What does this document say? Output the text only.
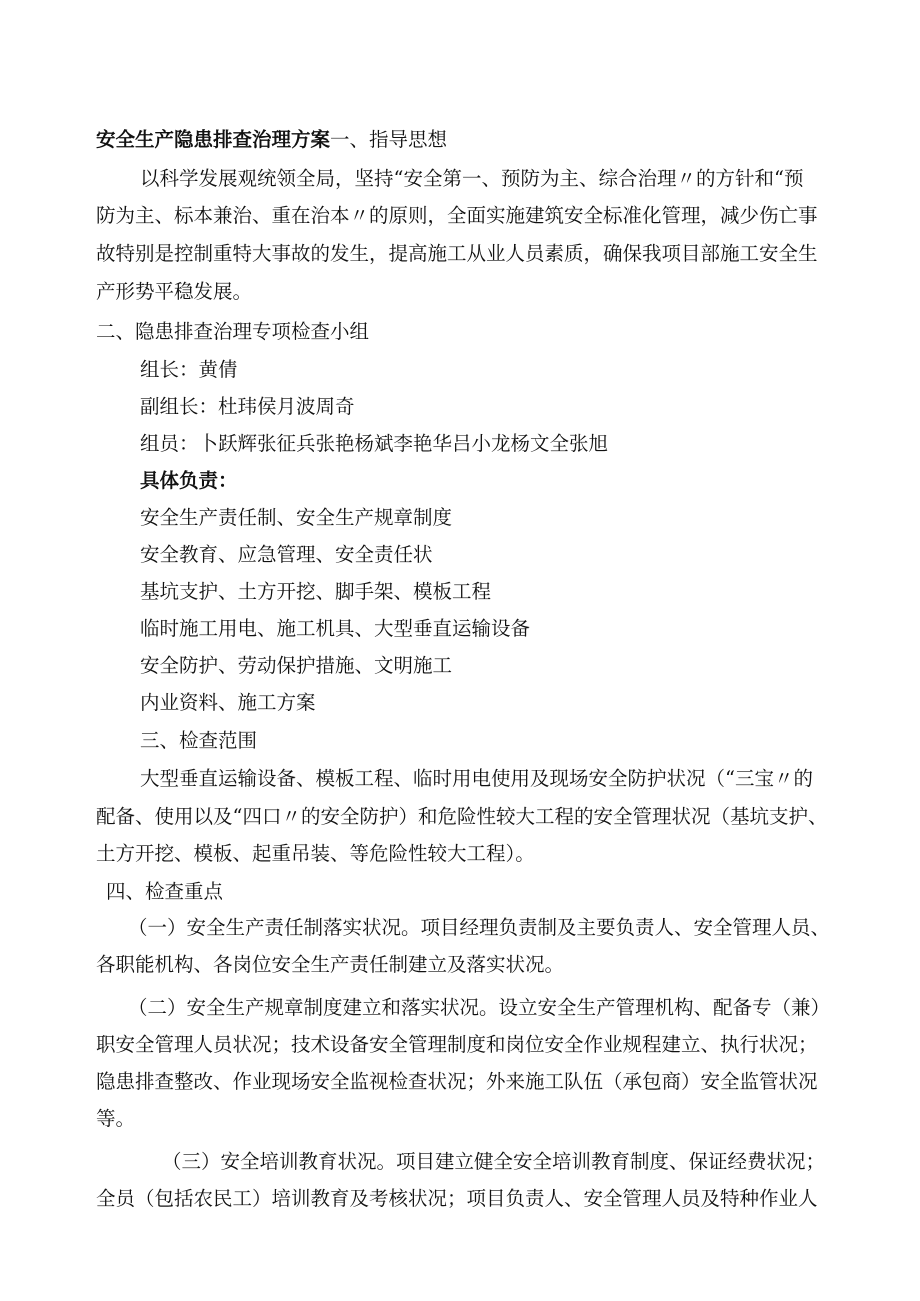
安全生产隐患排查治理方案一、指导思想
以科学发展观统领全局，坚持“安全第一、预防为主、综合治理〃的方针和“预
防为主、标本兼治、重在治本〃的原则，全面实施建筑安全标准化管理，减少伤亡事
故特别是控制重特大事故的发生，提高施工从业人员素质，确保我项目部施工安全生
产形势平稳发展。
二、隐患排查治理专项检查小组
组长：黄倩
副组长：杜玮侯月波周奇
组员：卜跃辉张征兵张艳杨斌李艳华吕小龙杨文全张旭
具体负责：
安全生产责任制、安全生产规章制度
安全教育、应急管理、安全责任状
基坑支护、土方开挖、脚手架、模板工程
临时施工用电、施工机具、大型垂直运输设备
安全防护、劳动保护措施、文明施工
内业资料、施工方案
三、检查范围
大型垂直运输设备、模板工程、临时用电使用及现场安全防护状况（“三宝〃的
配备、使用以及“四口〃的安全防护）和危险性较大工程的安全管理状况（基坑支护、
土方开挖、模板、起重吊装、等危险性较大工程）。
四、检查重点
（一）安全生产责任制落实状况。项目经理负责制及主要负责人、安全管理人员、
各职能机构、各岗位安全生产责任制建立及落实状况。
（二）安全生产规章制度建立和落实状况。设立安全生产管理机构、配备专（兼）
职安全管理人员状况；技术设备安全管理制度和岗位安全作业规程建立、执行状况；
隐患排查整改、作业现场安全监视检查状况；外来施工队伍（承包商）安全监管状况
等。
（三）安全培训教育状况。项目建立健全安全培训教育制度、保证经费状况；
全员（包括农民工）培训教育及考核状况；项目负责人、安全管理人员及特种作业人
